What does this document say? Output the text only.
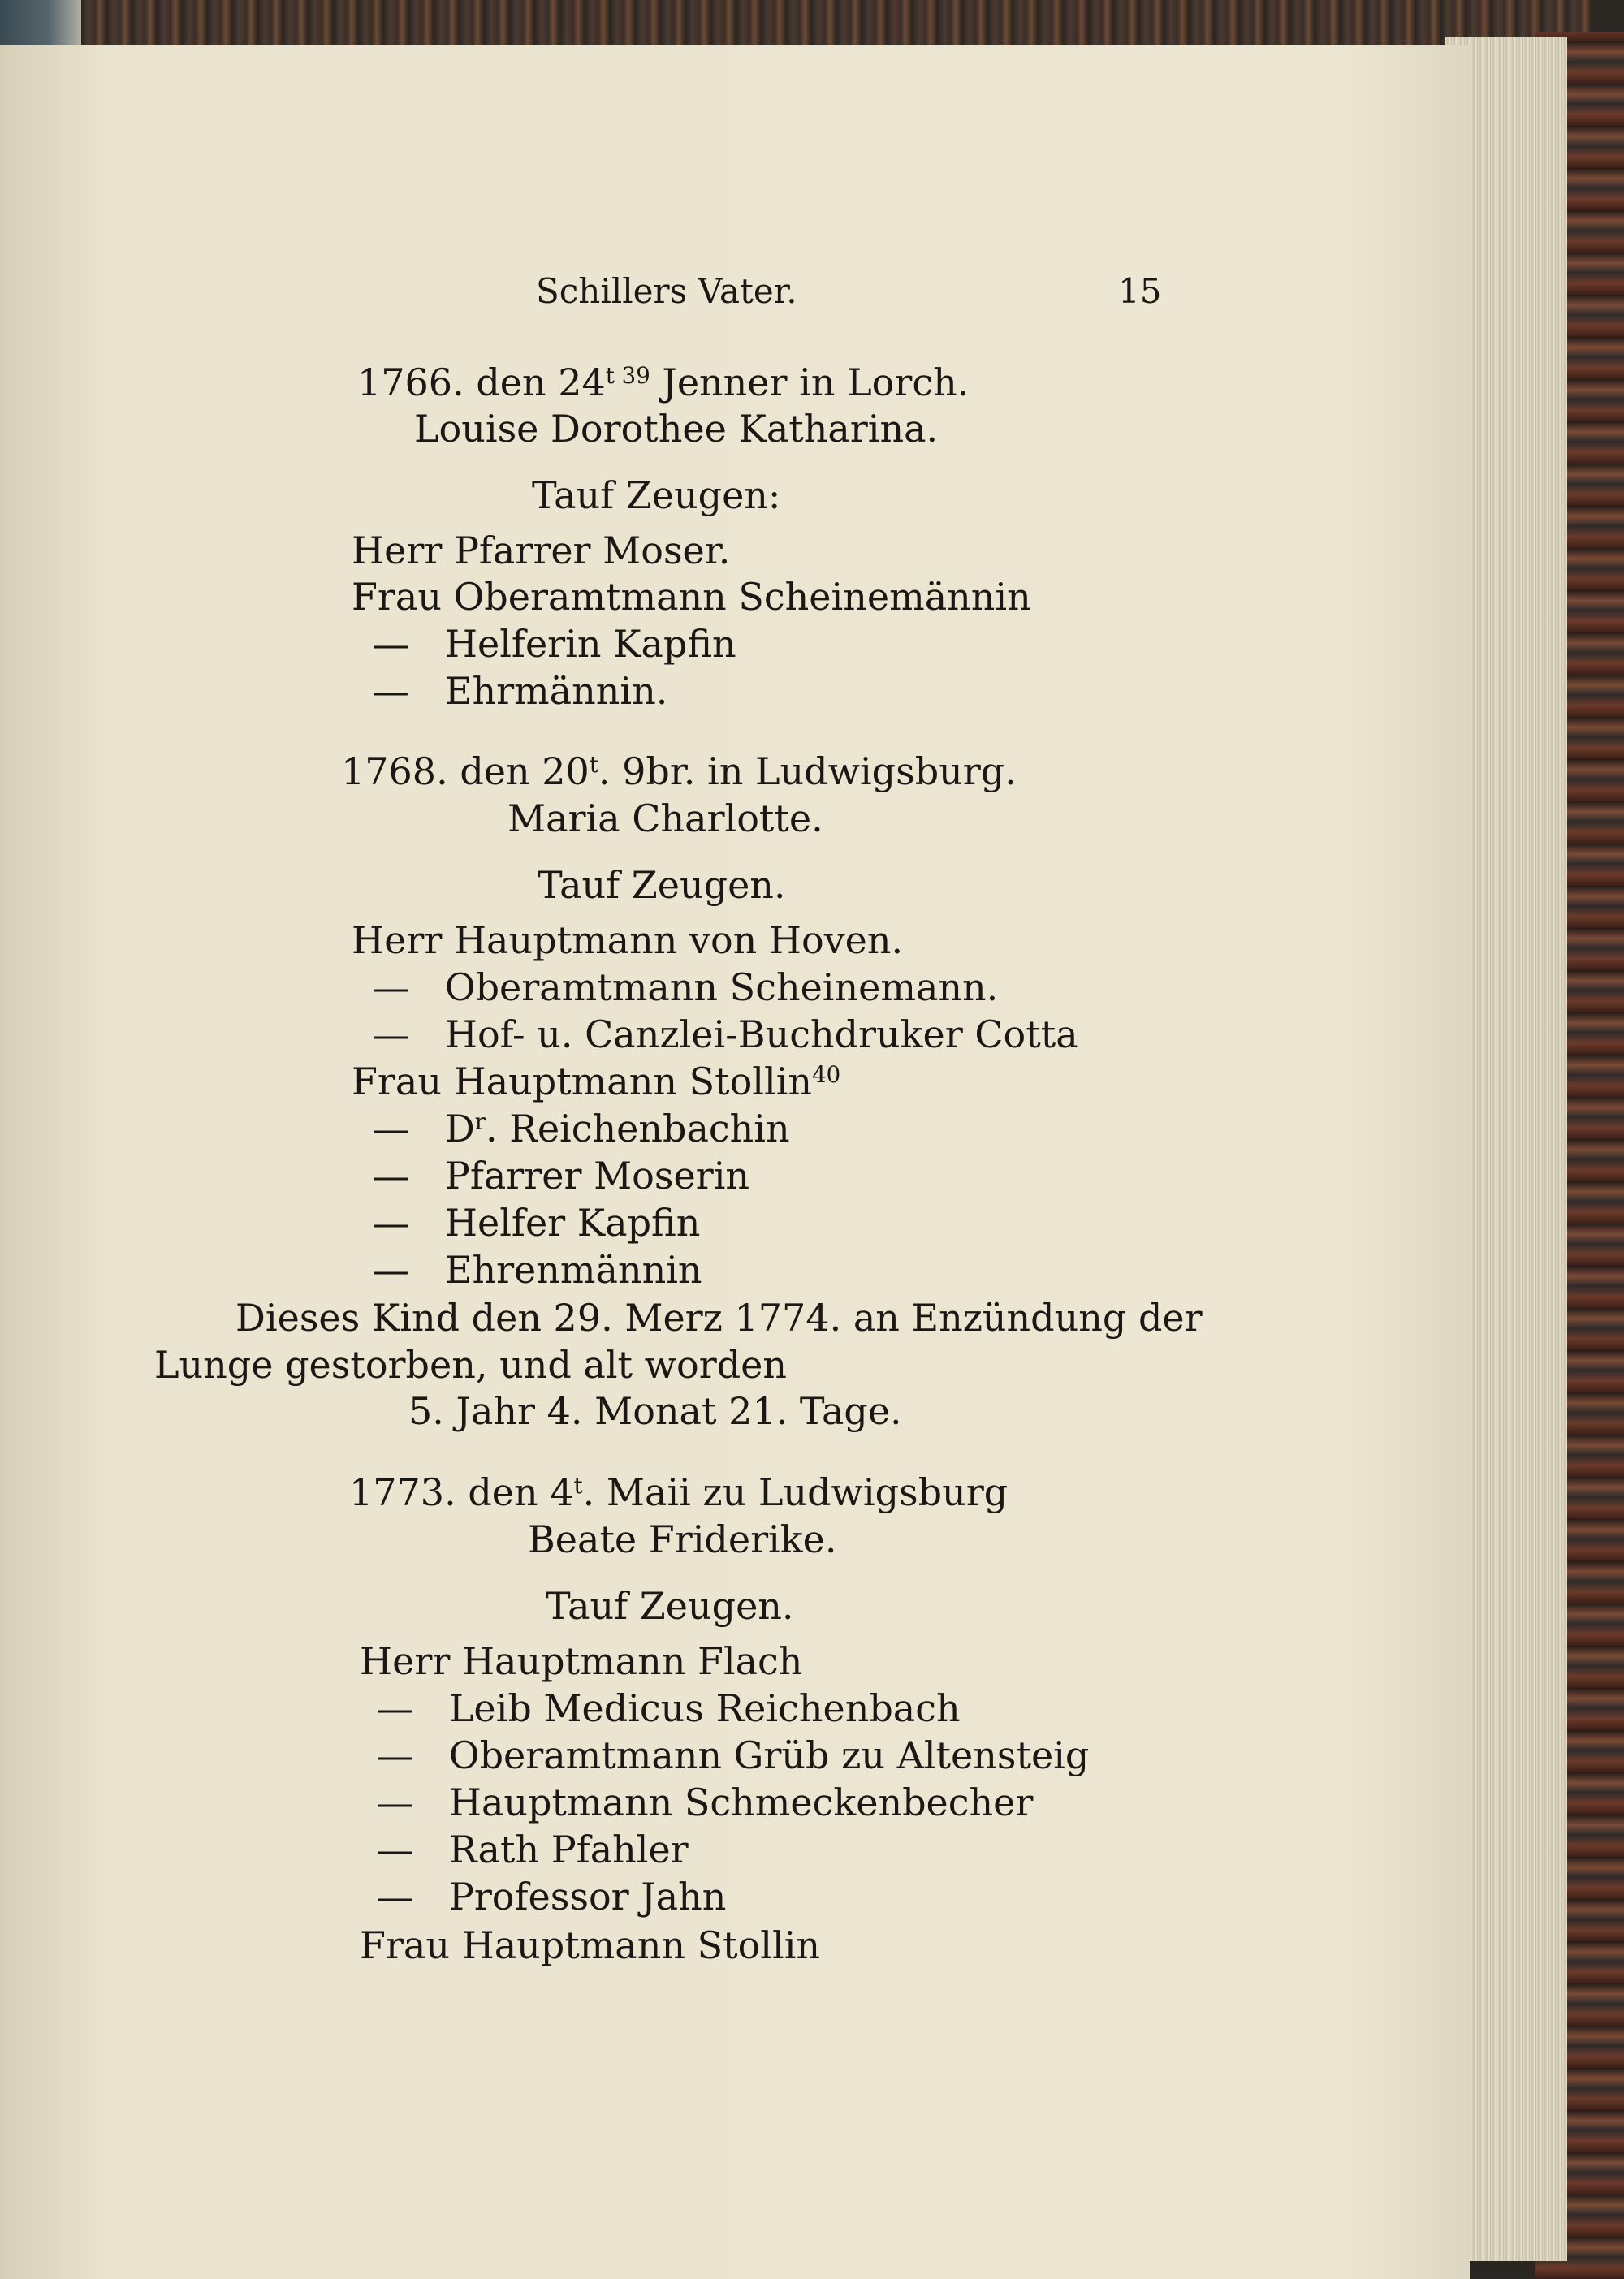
Schillers Vater.	15
1766. den $24^{t 39}$ Jenner in Lorch.
Louise Dorothee Katharina.
Tauf Zeugen:
Herr Pfarrer Moser.
Frau Oberamtmann Scheinemännin
—   Helferin Kapfin
—   Ehrmännin.
1768. den 20$^t$. 9br. in Ludwigsburg.
Maria Charlotte.
Tauf Zeugen.
Herr Hauptmann von Hoven.
—   Oberamtmann Scheinemann.
—   Hof- u. Canzlei-Buchdruker Cotta
Frau Hauptmann Stollin$^{40}$
—   $D^r$. Reichenbachin
—   Pfarrer Moserin
—   Helfer Kapfin
—   Ehrenmännin
Dieses Kind den 29. Merz 1774. an Enzündung der
Lunge gestorben, und alt worden
5. Jahr 4. Monat 21. Tage.
1773. den 4$^t$. Maii zu Ludwigsburg
Beate Friderike.
Tauf Zeugen.
Herr Hauptmann Flach
—   Leib Medicus Reichenbach
—   Oberamtmann Grüb zu Altensteig
—   Hauptmann Schmeckenbecher
—   Rath Pfahler
—   Professor Jahn
Frau Hauptmann Stollin
